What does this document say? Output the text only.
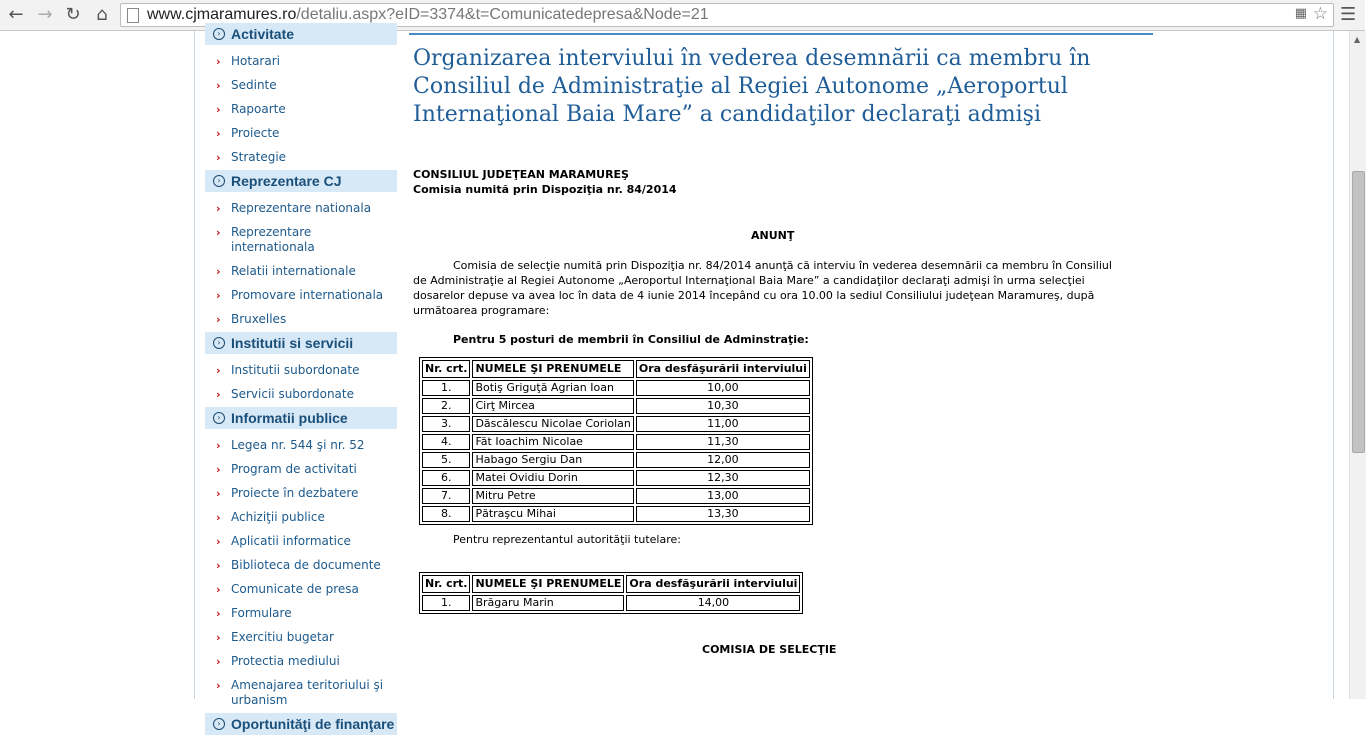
← → ↻ ⌂	www.cjmaramures.ro/detaliu.aspx?eID=3374&t=Comunicatedepresa&Node=21	▦ ☆ ☰
› Activitate
› Hotarari
› Sedinte
› Rapoarte
› Proiecte
› Strategie
› Reprezentare CJ
› Reprezentare nationala
› Reprezentare internationala
› Relatii internationale
› Promovare internationala
› Bruxelles
› Institutii si servicii
› Institutii subordonate
› Servicii subordonate
› Informatii publice
› Legea nr. 544 şi nr. 52
› Program de activitati
› Proiecte în dezbatere
› Achiziţii publice
› Aplicatii informatice
› Biblioteca de documente
› Comunicate de presa
› Formulare
› Exercitiu bugetar
› Protectia mediului
› Amenajarea teritoriului şi urbanism
› Oportunităţi de finanţare
Organizarea interviului în vederea desemnării ca membru în Consiliul de Administraţie al Regiei Autonome „Aeroportul Internaţional Baia Mare” a candidaţilor declaraţi admişi
CONSILIUL JUDEŢEAN MARAMUREŞ
Comisia numită prin Dispoziţia nr. 84/2014
ANUNŢ
Comisia de selecţie numită prin Dispoziţia nr. 84/2014 anunţă că interviu în vederea desemnării ca membru în Consiliul de Administraţie al Regiei Autonome „Aeroportul Internaţional Baia Mare” a candidaţilor declaraţi admişi în urma selecţiei dosarelor depuse va avea loc în data de 4 iunie 2014 începând cu ora 10.00 la sediul Consiliului judeţean Maramureş, după următoarea programare:
Pentru 5 posturi de membrii în Consiliul de Adminstraţie:
Nr. crt.	NUMELE ŞI PRENUMELE	Ora desfăşurării interviului
1.	Botiş Griguţă Agrian Ioan	10,00
2.	Cirţ Mircea	10,30
3.	Dăscălescu Nicolae Coriolan	11,00
4.	Făt Ioachim Nicolae	11,30
5.	Habago Sergiu Dan	12,00
6.	Matei Ovidiu Dorin	12,30
7.	Mitru Petre	13,00
8.	Pătraşcu Mihai	13,30
Pentru reprezentantul autorităţii tutelare:
Nr. crt.	NUMELE ŞI PRENUMELE	Ora desfăşurării interviului
1.	Brăgaru Marin	14,00
COMISIA DE SELECŢIE
▲
